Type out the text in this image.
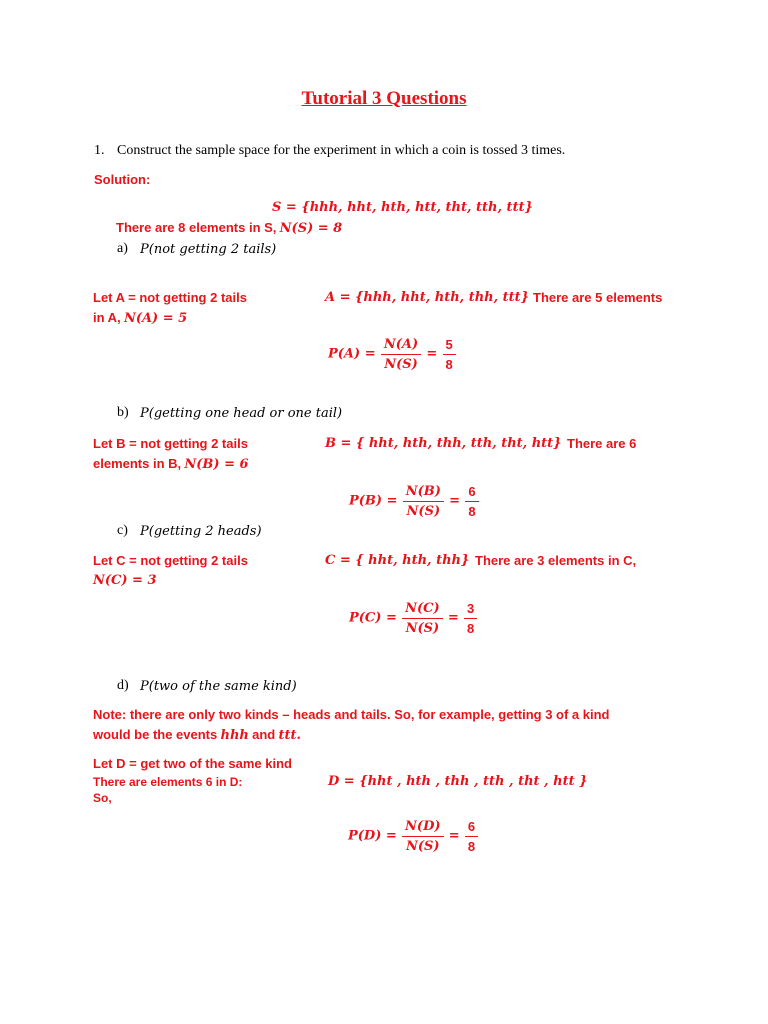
Tutorial 3 Questions
1. Construct the sample space for the experiment in which a coin is tossed 3 times.
Solution:
S = {hhh, hht, hth, htt, tht, tth, ttt}
There are 8 elements in S, N(S) = 8
a) P(not getting 2 tails)
Let A = not getting 2 tails	A = {hhh, hht, hth, thh, ttt} There are 5 elements
in A, N(A) = 5
$P(A) = \frac{N(A)}{N(S)} = \frac{5}{8}$
b) P(getting one head or one tail)
Let B = not getting 2 tails	B = { hht, hth, thh, tth, tht, htt} There are 6
elements in B, N(B) = 6
$P(B) = \frac{N(B)}{N(S)} = \frac{6}{8}$
c) P(getting 2 heads)
Let C = not getting 2 tails	C = { hht, hth, thh} There are 3 elements in C,
N(C) = 3
$P(C) = \frac{N(C)}{N(S)} = \frac{3}{8}$
d) P(two of the same kind)
Note: there are only two kinds – heads and tails. So, for example, getting 3 of a kind
would be the events hhh and ttt.
Let D = get two of the same kind
There are elements 6 in D:	D = {hht , hth , thh , tth , tht , htt }
So,
$P(D) = \frac{N(D)}{N(S)} = \frac{6}{8}$
